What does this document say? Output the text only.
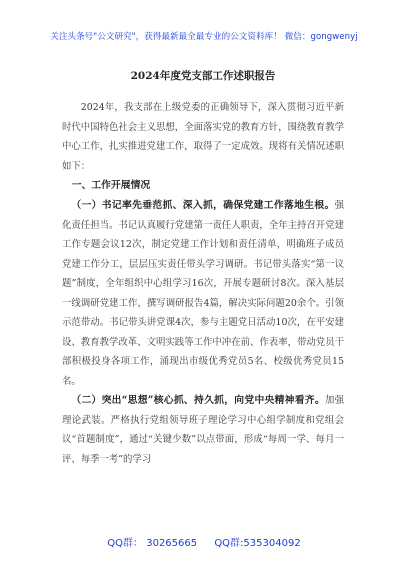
关注头条号"公文研究"，获得最新最全最专业的公文资料库！ 微信：gongwenyj

2024年度党支部工作述职报告

2024年，我支部在上级党委的正确领导下，深入贯彻习近平新时代中国特色社会主义思想，全面落实党的教育方针，围绕教育教学中心工作，扎实推进党建工作，取得了一定成效。现将有关情况述职如下：

一、工作开展情况

（一）书记率先垂范抓、深入抓，确保党建工作落地生根。强化责任担当。书记认真履行党建第一责任人职责，全年主持召开党建工作专题会议12次，制定党建工作计划和责任清单，明确班子成员党建工作分工，层层压实责任带头学习调研。书记带头落实“第一议题”制度，全年组织中心组学习16次，开展专题研讨8次。深入基层一线调研党建工作，撰写调研报告4篇，解决实际问题20余个。引领示范带动。书记带头讲党课4次，参与主题党日活动10次，在平安建设、教育教学改革、文明实践等工作中冲在前、作表率，带动党员干部积极投身各项工作，涌现出市级优秀党员5名、校级优秀党员15名。

（二）突出“思想”核心抓、持久抓，向党中央精神看齐。加强理论武装。严格执行党组领导班子理论学习中心组学制度和党组会议“首题制度”，通过“关键少数”以点带面，形成“每周一学、每月一评、每季一考”的学习

QQ群： 30265665 QQ群:535304092
